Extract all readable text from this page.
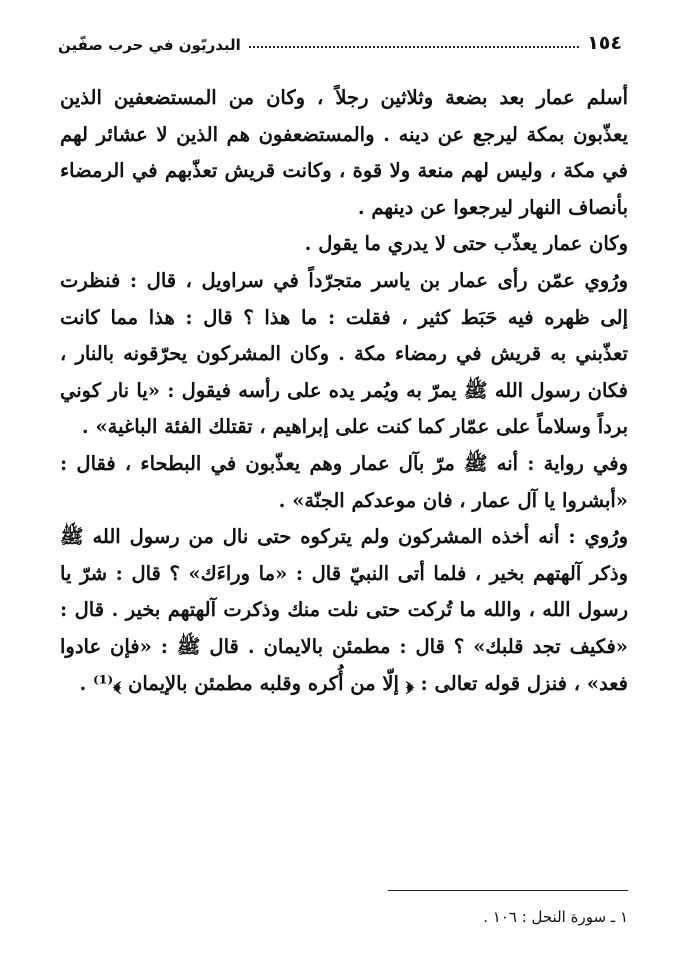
١٥٤
البدريّون في حرب صفّين

أسلم عمار بعد بضعة وثلاثين رجلاً ، وكان من المستضعفين الذين يعذّبون بمكة ليرجع عن دينه . والمستضعفون هم الذين لا عشائر لهم في مكة ، وليس لهم منعة ولا قوة ، وكانت قريش تعذّبهم في الرمضاء بأنصاف النهار ليرجعوا عن دينهم .

وكان عمار يعذّب حتى لا يدري ما يقول .

ورُوي عمّن رأى عمار بن ياسر متجرّداً في سراويل ، قال : فنظرت إلى ظهره فيه حَبَط كثير ، فقلت : ما هذا ؟ قال : هذا مما كانت تعذّبني به قريش في رمضاء مكة . وكان المشركون يحرّقونه بالنار ، فكان رسول الله ﷺ يمرّ به ويُمر يده على رأسه فيقول : «يا نار كوني برداً وسلاماً على عمّار كما كنت على إبراهيم ، تقتلك الفئة الباغية» .

وفي رواية : أنه ﷺ مرّ بآل عمار وهم يعذّبون في البطحاء ، فقال : «أبشروا يا آل عمار ، فان موعدكم الجنّة» .

ورُوي : أنه أخذه المشركون ولم يتركوه حتى نال من رسول الله ﷺ وذكر آلهتهم بخير ، فلما أتى النبيّ قال : «ما وراءَك» ؟ قال : شرّ يا رسول الله ، والله ما تُركت حتى نلت منك وذكرت آلهتهم بخير . قال : «فكيف تجد قلبك» ؟ قال : مطمئن بالايمان . قال ﷺ : «فإن عادوا فعد» ، فنزل قوله تعالى : ﴿ إلّا من أُكره وقلبه مطمئن بالإيمان ﴾⁽¹⁾ .

١ ـ سورة النحل : ١٠٦ .
